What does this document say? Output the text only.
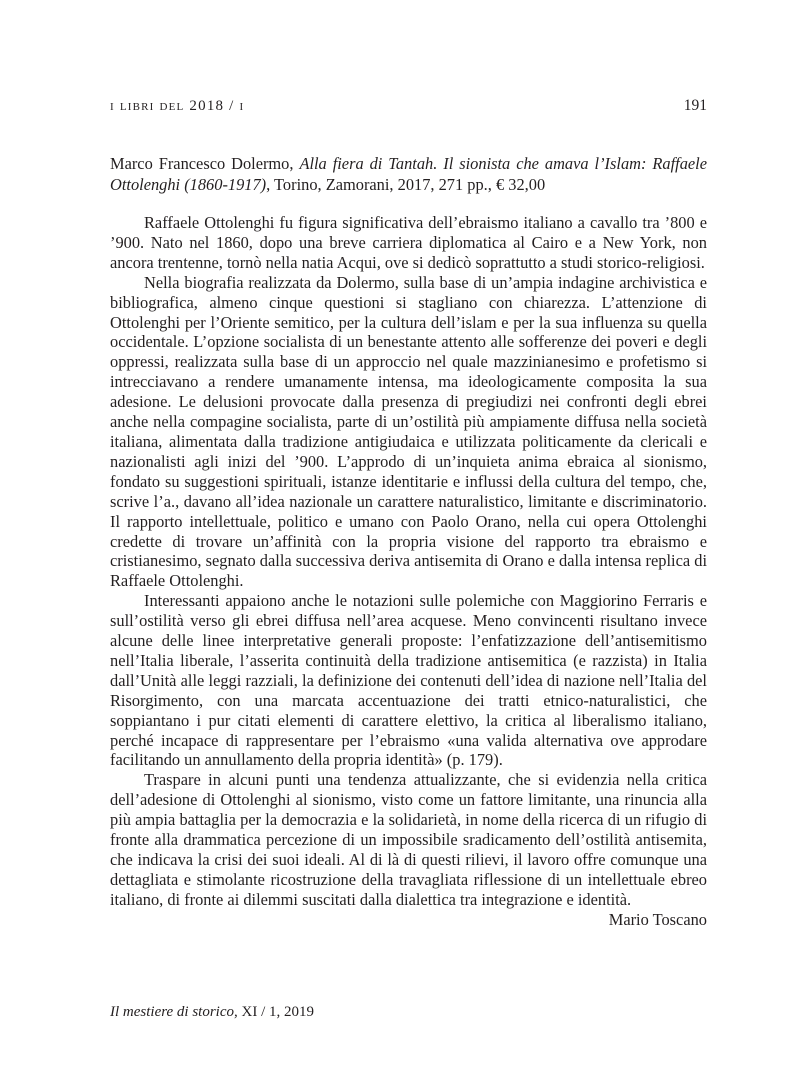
i libri del 2018 / i	191
Marco Francesco Dolermo, Alla fiera di Tantah. Il sionista che amava l’Islam: Raffaele Ottolenghi (1860-1917), Torino, Zamorani, 2017, 271 pp., € 32,00

Raffaele Ottolenghi fu figura significativa dell’ebraismo italiano a cavallo tra ’800 e ’900. Nato nel 1860, dopo una breve carriera diplomatica al Cairo e a New York, non ancora trentenne, tornò nella natia Acqui, ove si dedicò soprattutto a studi storico-religiosi.

Nella biografia realizzata da Dolermo, sulla base di un’ampia indagine archivistica e bibliografica, almeno cinque questioni si stagliano con chiarezza. L’attenzione di Ottolenghi per l’Oriente semitico, per la cultura dell’islam e per la sua influenza su quella occidentale. L’opzione socialista di un benestante attento alle sofferenze dei poveri e degli oppressi, realizzata sulla base di un approccio nel quale mazzinianesimo e profetismo si intrecciavano a rendere umanamente intensa, ma ideologicamente composita la sua adesione. Le delusioni provocate dalla presenza di pregiudizi nei confronti degli ebrei anche nella compagine socialista, parte di un’ostilità più ampiamente diffusa nella società italiana, alimentata dalla tradizione antigiudaica e utilizzata politicamente da clericali e nazionalisti agli inizi del ’900. L’approdo di un’inquieta anima ebraica al sionismo, fondato su suggestioni spirituali, istanze identitarie e influssi della cultura del tempo, che, scrive l’a., davano all’idea nazionale un carattere naturalistico, limitante e discriminatorio. Il rapporto intellettuale, politico e umano con Paolo Orano, nella cui opera Ottolenghi credette di trovare un’affinità con la propria visione del rapporto tra ebraismo e cristianesimo, segnato dalla successiva deriva antisemita di Orano e dalla intensa replica di Raffaele Ottolenghi.

Interessanti appaiono anche le notazioni sulle polemiche con Maggiorino Ferraris e sull’ostilità verso gli ebrei diffusa nell’area acquese. Meno convincenti risultano invece alcune delle linee interpretative generali proposte: l’enfatizzazione dell’antisemitismo nell’Italia liberale, l’asserita continuità della tradizione antisemitica (e razzista) in Italia dall’Unità alle leggi razziali, la definizione dei contenuti dell’idea di nazione nell’Italia del Risorgimento, con una marcata accentuazione dei tratti etnico-naturalistici, che soppiantano i pur citati elementi di carattere elettivo, la critica al liberalismo italiano, perché incapace di rappresentare per l’ebraismo «una valida alternativa ove approdare facilitando un annullamento della propria identità» (p. 179).

Traspare in alcuni punti una tendenza attualizzante, che si evidenzia nella critica dell’adesione di Ottolenghi al sionismo, visto come un fattore limitante, una rinuncia alla più ampia battaglia per la democrazia e la solidarietà, in nome della ricerca di un rifugio di fronte alla drammatica percezione di un impossibile sradicamento dell’ostilità antisemita, che indicava la crisi dei suoi ideali. Al di là di questi rilievi, il lavoro offre comunque una dettagliata e stimolante ricostruzione della travagliata riflessione di un intellettuale ebreo italiano, di fronte ai dilemmi suscitati dalla dialettica tra integrazione e identità.

Mario Toscano

Il mestiere di storico, XI / 1, 2019
